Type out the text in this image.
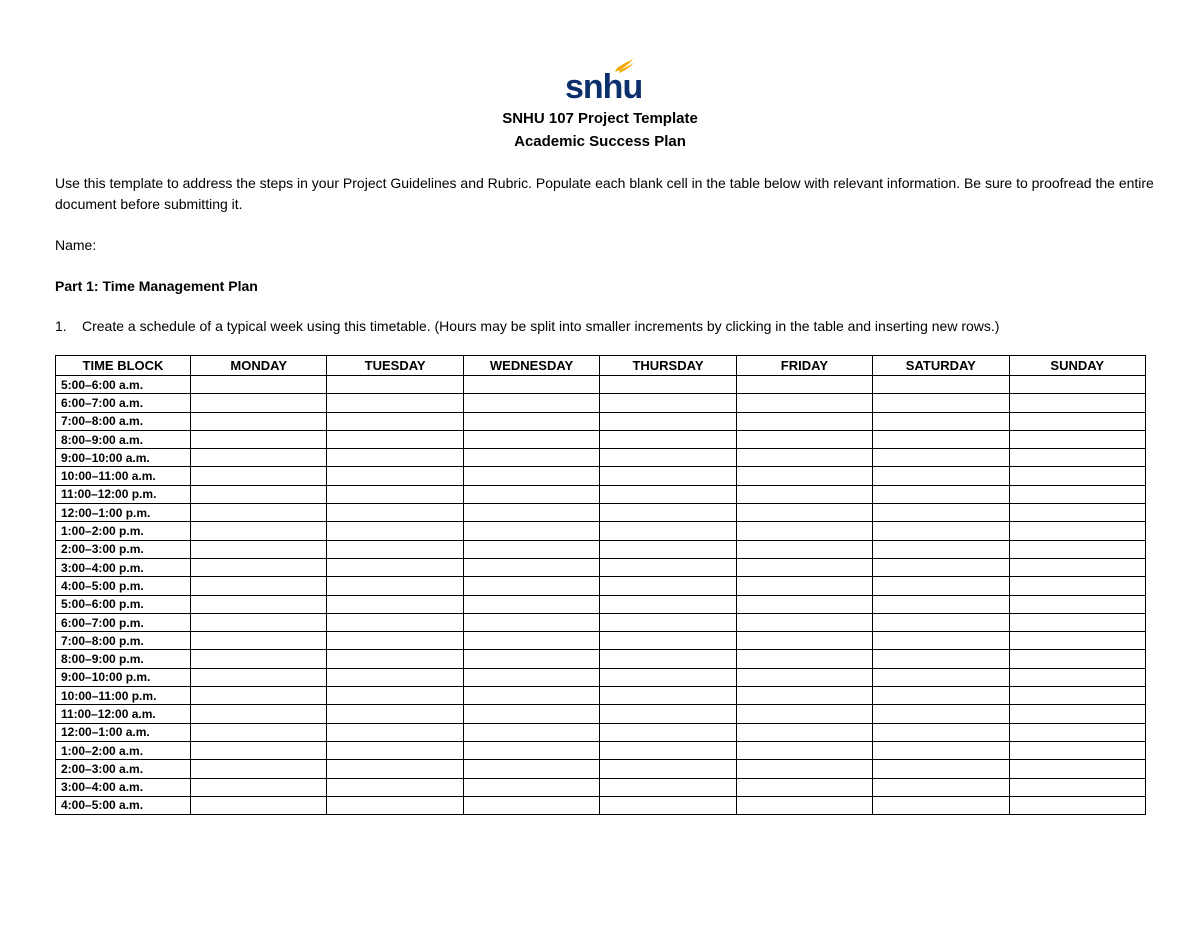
snhu
SNHU 107 Project Template
Academic Success Plan
Use this template to address the steps in your Project Guidelines and Rubric. Populate each blank cell in the table below with relevant information. Be sure to proofread the entire document before submitting it.
Name:
Part 1: Time Management Plan
1. Create a schedule of a typical week using this timetable. (Hours may be split into smaller increments by clicking in the table and inserting new rows.)
TIME BLOCK	MONDAY	TUESDAY	WEDNESDAY	THURSDAY	FRIDAY	SATURDAY	SUNDAY
5:00–6:00 a.m.							
6:00–7:00 a.m.							
7:00–8:00 a.m.							
8:00–9:00 a.m.							
9:00–10:00 a.m.							
10:00–11:00 a.m.							
11:00–12:00 p.m.							
12:00–1:00 p.m.							
1:00–2:00 p.m.							
2:00–3:00 p.m.							
3:00–4:00 p.m.							
4:00–5:00 p.m.							
5:00–6:00 p.m.							
6:00–7:00 p.m.							
7:00–8:00 p.m.							
8:00–9:00 p.m.							
9:00–10:00 p.m.							
10:00–11:00 p.m.							
11:00–12:00 a.m.							
12:00–1:00 a.m.							
1:00–2:00 a.m.							
2:00–3:00 a.m.							
3:00–4:00 a.m.							
4:00–5:00 a.m.							
